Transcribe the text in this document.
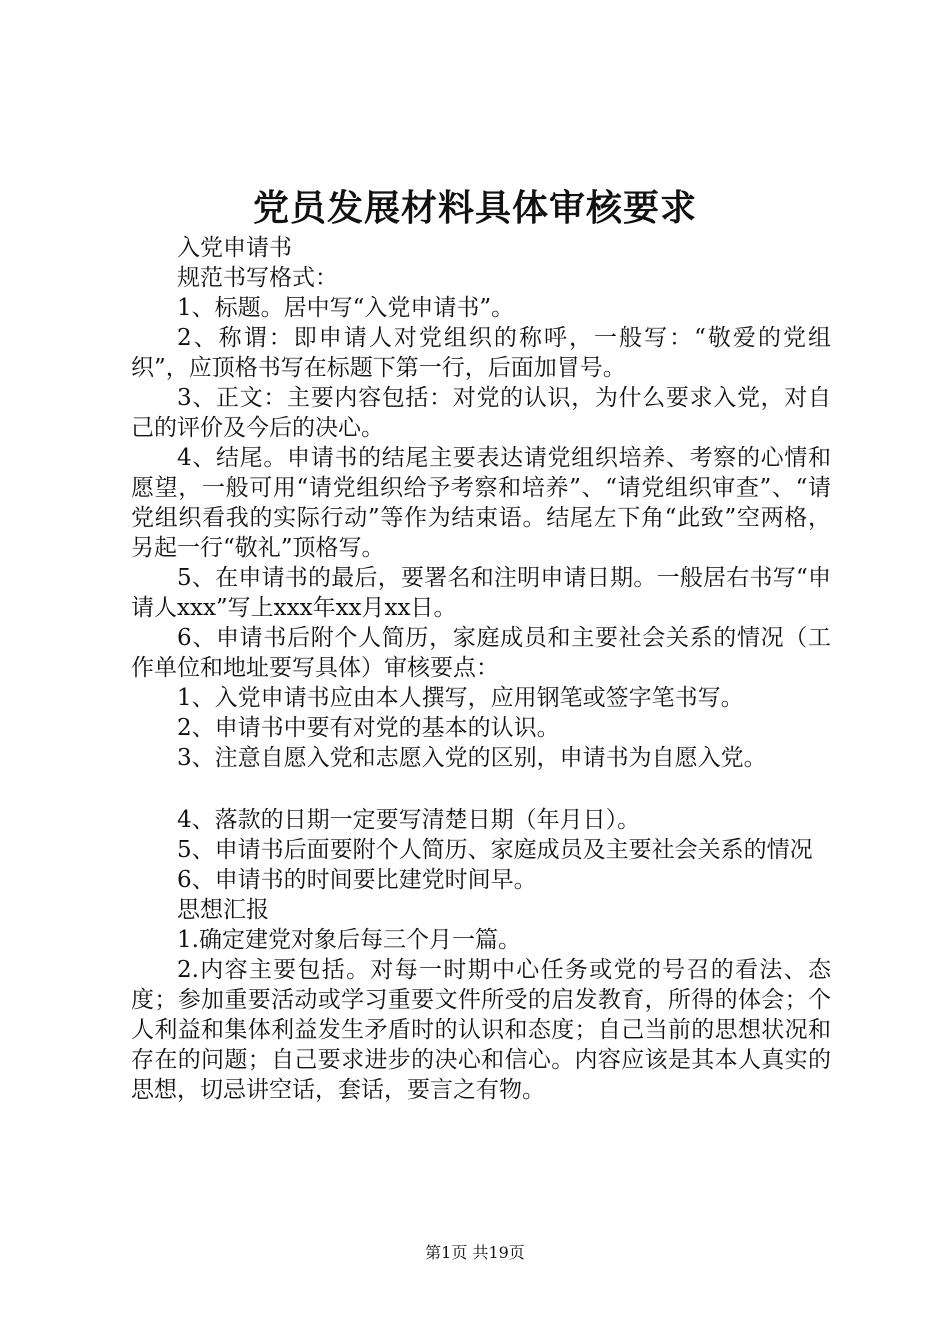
党员发展材料具体审核要求

入党申请书

规范书写格式：

1、标题。居中写“入党申请书”。

2、称谓：即申请人对党组织的称呼，一般写：“敬爱的党组织”，应顶格书写在标题下第一行，后面加冒号。

3、正文：主要内容包括：对党的认识，为什么要求入党，对自己的评价及今后的决心。

4、结尾。申请书的结尾主要表达请党组织培养、考察的心情和愿望，一般可用“请党组织给予考察和培养”、“请党组织审查”、“请党组织看我的实际行动”等作为结束语。结尾左下角“此致”空两格，另起一行“敬礼”顶格写。

5、在申请书的最后，要署名和注明申请日期。一般居右书写“申请人xxx”写上xxx年xx月xx日。

6、申请书后附个人简历，家庭成员和主要社会关系的情况（工作单位和地址要写具体）审核要点：

1、入党申请书应由本人撰写，应用钢笔或签字笔书写。

2、申请书中要有对党的基本的认识。

3、注意自愿入党和志愿入党的区别，申请书为自愿入党。

4、落款的日期一定要写清楚日期（年月日）。

5、申请书后面要附个人简历、家庭成员及主要社会关系的情况

6、申请书的时间要比建党时间早。

思想汇报

1.确定建党对象后每三个月一篇。

2.内容主要包括。对每一时期中心任务或党的号召的看法、态度；参加重要活动或学习重要文件所受的启发教育，所得的体会；个人利益和集体利益发生矛盾时的认识和态度；自己当前的思想状况和存在的问题；自己要求进步的决心和信心。内容应该是其本人真实的思想，切忌讲空话，套话，要言之有物。

第1页 共19页
